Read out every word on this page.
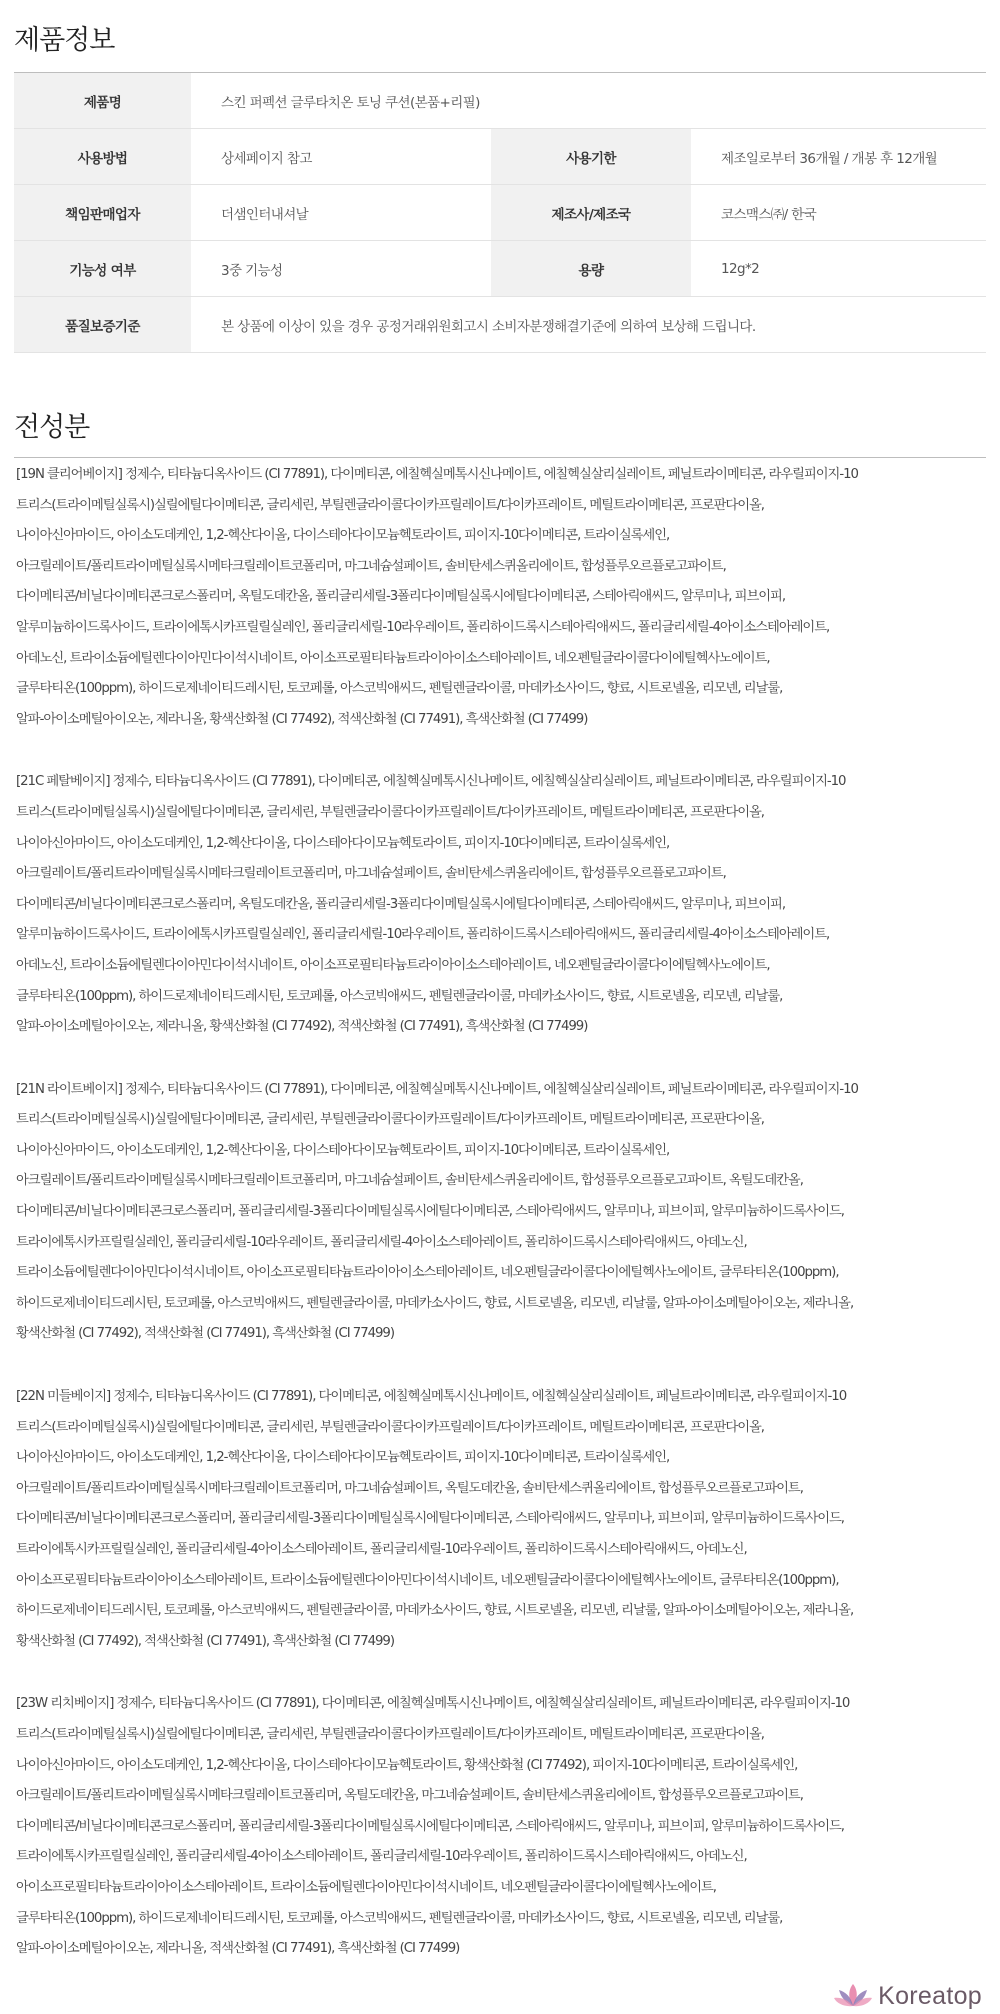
제품정보
제품명	스킨 퍼펙션 글루타치온 토닝 쿠션(본품+리필)		
사용방법	상세페이지 참고	사용기한	제조일로부터 36개월 / 개봉 후 12개월
책임판매업자	더샘인터내셔날	제조사/제조국	코스맥스㈜/ 한국
기능성 여부	3중 기능성	용량	12g*2
품질보증기준	본 상품에 이상이 있을 경우 공정거래위원회고시 소비자분쟁해결기준에 의하여 보상해 드립니다.		
전성분
[19N 클리어베이지] 정제수, 티타늄디옥사이드 (CI 77891), 다이메티콘, 에칠헥실메톡시신나메이트, 에칠헥실살리실레이트, 페닐트라이메티콘, 라우릴피이지-10
트리스(트라이메틸실록시)실릴에틸다이메티콘, 글리세린, 부틸렌글라이콜다이카프릴레이트/다이카프레이트, 메틸트라이메티콘, 프로판다이올,
나이아신아마이드, 아이소도데케인, 1,2-헥산다이올, 다이스테아다이모늄헥토라이트, 피이지-10다이메티콘, 트라이실록세인,
아크릴레이트/폴리트라이메틸실록시메타크릴레이트코폴리머, 마그네슘설페이트, 솔비탄세스퀴올리에이트, 합성플루오르플로고파이트,
다이메티콘/비닐다이메티콘크로스폴리머, 옥틸도데칸올, 폴리글리세릴-3폴리다이메틸실록시에틸다이메티콘, 스테아릭애씨드, 알루미나, 피브이피,
알루미늄하이드록사이드, 트라이에톡시카프릴릴실레인, 폴리글리세릴-10라우레이트, 폴리하이드록시스테아릭애씨드, 폴리글리세릴-4아이소스테아레이트,
아데노신, 트라이소듐에틸렌다이아민다이석시네이트, 아이소프로필티타늄트라이아이소스테아레이트, 네오펜틸글라이콜다이에틸헥사노에이트,
글루타티온(100ppm), 하이드로제네이티드레시틴, 토코페롤, 아스코빅애씨드, 펜틸렌글라이콜, 마데카소사이드, 향료, 시트로넬올, 리모넨, 리날룰,
알파-아이소메틸아이오논, 제라니올, 황색산화철 (CI 77492), 적색산화철 (CI 77491), 흑색산화철 (CI 77499)
[21C 페탈베이지] 정제수, 티타늄디옥사이드 (CI 77891), 다이메티콘, 에칠헥실메톡시신나메이트, 에칠헥실살리실레이트, 페닐트라이메티콘, 라우릴피이지-10
트리스(트라이메틸실록시)실릴에틸다이메티콘, 글리세린, 부틸렌글라이콜다이카프릴레이트/다이카프레이트, 메틸트라이메티콘, 프로판다이올,
나이아신아마이드, 아이소도데케인, 1,2-헥산다이올, 다이스테아다이모늄헥토라이트, 피이지-10다이메티콘, 트라이실록세인,
아크릴레이트/폴리트라이메틸실록시메타크릴레이트코폴리머, 마그네슘설페이트, 솔비탄세스퀴올리에이트, 합성플루오르플로고파이트,
다이메티콘/비닐다이메티콘크로스폴리머, 옥틸도데칸올, 폴리글리세릴-3폴리다이메틸실록시에틸다이메티콘, 스테아릭애씨드, 알루미나, 피브이피,
알루미늄하이드록사이드, 트라이에톡시카프릴릴실레인, 폴리글리세릴-10라우레이트, 폴리하이드록시스테아릭애씨드, 폴리글리세릴-4아이소스테아레이트,
아데노신, 트라이소듐에틸렌다이아민다이석시네이트, 아이소프로필티타늄트라이아이소스테아레이트, 네오펜틸글라이콜다이에틸헥사노에이트,
글루타티온(100ppm), 하이드로제네이티드레시틴, 토코페롤, 아스코빅애씨드, 펜틸렌글라이콜, 마데카소사이드, 향료, 시트로넬올, 리모넨, 리날룰,
알파-아이소메틸아이오논, 제라니올, 황색산화철 (CI 77492), 적색산화철 (CI 77491), 흑색산화철 (CI 77499)
[21N 라이트베이지] 정제수, 티타늄디옥사이드 (CI 77891), 다이메티콘, 에칠헥실메톡시신나메이트, 에칠헥실살리실레이트, 페닐트라이메티콘, 라우릴피이지-10
트리스(트라이메틸실록시)실릴에틸다이메티콘, 글리세린, 부틸렌글라이콜다이카프릴레이트/다이카프레이트, 메틸트라이메티콘, 프로판다이올,
나이아신아마이드, 아이소도데케인, 1,2-헥산다이올, 다이스테아다이모늄헥토라이트, 피이지-10다이메티콘, 트라이실록세인,
아크릴레이트/폴리트라이메틸실록시메타크릴레이트코폴리머, 마그네슘설페이트, 솔비탄세스퀴올리에이트, 합성플루오르플로고파이트, 옥틸도데칸올,
다이메티콘/비닐다이메티콘크로스폴리머, 폴리글리세릴-3폴리다이메틸실록시에틸다이메티콘, 스테아릭애씨드, 알루미나, 피브이피, 알루미늄하이드록사이드,
트라이에톡시카프릴릴실레인, 폴리글리세릴-10라우레이트, 폴리글리세릴-4아이소스테아레이트, 폴리하이드록시스테아릭애씨드, 아데노신,
트라이소듐에틸렌다이아민다이석시네이트, 아이소프로필티타늄트라이아이소스테아레이트, 네오펜틸글라이콜다이에틸헥사노에이트, 글루타티온(100ppm),
하이드로제네이티드레시틴, 토코페롤, 아스코빅애씨드, 펜틸렌글라이콜, 마데카소사이드, 향료, 시트로넬올, 리모넨, 리날룰, 알파-아이소메틸아이오논, 제라니올,
황색산화철 (CI 77492), 적색산화철 (CI 77491), 흑색산화철 (CI 77499)
[22N 미들베이지] 정제수, 티타늄디옥사이드 (CI 77891), 다이메티콘, 에칠헥실메톡시신나메이트, 에칠헥실살리실레이트, 페닐트라이메티콘, 라우릴피이지-10
트리스(트라이메틸실록시)실릴에틸다이메티콘, 글리세린, 부틸렌글라이콜다이카프릴레이트/다이카프레이트, 메틸트라이메티콘, 프로판다이올,
나이아신아마이드, 아이소도데케인, 1,2-헥산다이올, 다이스테아다이모늄헥토라이트, 피이지-10다이메티콘, 트라이실록세인,
아크릴레이트/폴리트라이메틸실록시메타크릴레이트코폴리머, 마그네슘설페이트, 옥틸도데칸올, 솔비탄세스퀴올리에이트, 합성플루오르플로고파이트,
다이메티콘/비닐다이메티콘크로스폴리머, 폴리글리세릴-3폴리다이메틸실록시에틸다이메티콘, 스테아릭애씨드, 알루미나, 피브이피, 알루미늄하이드록사이드,
트라이에톡시카프릴릴실레인, 폴리글리세릴-4아이소스테아레이트, 폴리글리세릴-10라우레이트, 폴리하이드록시스테아릭애씨드, 아데노신,
아이소프로필티타늄트라이아이소스테아레이트, 트라이소듐에틸렌다이아민다이석시네이트, 네오펜틸글라이콜다이에틸헥사노에이트, 글루타티온(100ppm),
하이드로제네이티드레시틴, 토코페롤, 아스코빅애씨드, 펜틸렌글라이콜, 마데카소사이드, 향료, 시트로넬올, 리모넨, 리날룰, 알파-아이소메틸아이오논, 제라니올,
황색산화철 (CI 77492), 적색산화철 (CI 77491), 흑색산화철 (CI 77499)
[23W 리치베이지] 정제수, 티타늄디옥사이드 (CI 77891), 다이메티콘, 에칠헥실메톡시신나메이트, 에칠헥실살리실레이트, 페닐트라이메티콘, 라우릴피이지-10
트리스(트라이메틸실록시)실릴에틸다이메티콘, 글리세린, 부틸렌글라이콜다이카프릴레이트/다이카프레이트, 메틸트라이메티콘, 프로판다이올,
나이아신아마이드, 아이소도데케인, 1,2-헥산다이올, 다이스테아다이모늄헥토라이트, 황색산화철 (CI 77492), 피이지-10다이메티콘, 트라이실록세인,
아크릴레이트/폴리트라이메틸실록시메타크릴레이트코폴리머, 옥틸도데칸올, 마그네슘설페이트, 솔비탄세스퀴올리에이트, 합성플루오르플로고파이트,
다이메티콘/비닐다이메티콘크로스폴리머, 폴리글리세릴-3폴리다이메틸실록시에틸다이메티콘, 스테아릭애씨드, 알루미나, 피브이피, 알루미늄하이드록사이드,
트라이에톡시카프릴릴실레인, 폴리글리세릴-4아이소스테아레이트, 폴리글리세릴-10라우레이트, 폴리하이드록시스테아릭애씨드, 아데노신,
아이소프로필티타늄트라이아이소스테아레이트, 트라이소듐에틸렌다이아민다이석시네이트, 네오펜틸글라이콜다이에틸헥사노에이트,
글루타티온(100ppm), 하이드로제네이티드레시틴, 토코페롤, 아스코빅애씨드, 펜틸렌글라이콜, 마데카소사이드, 향료, 시트로넬올, 리모넨, 리날룰,
알파-아이소메틸아이오논, 제라니올, 적색산화철 (CI 77491), 흑색산화철 (CI 77499)
Koreatop
